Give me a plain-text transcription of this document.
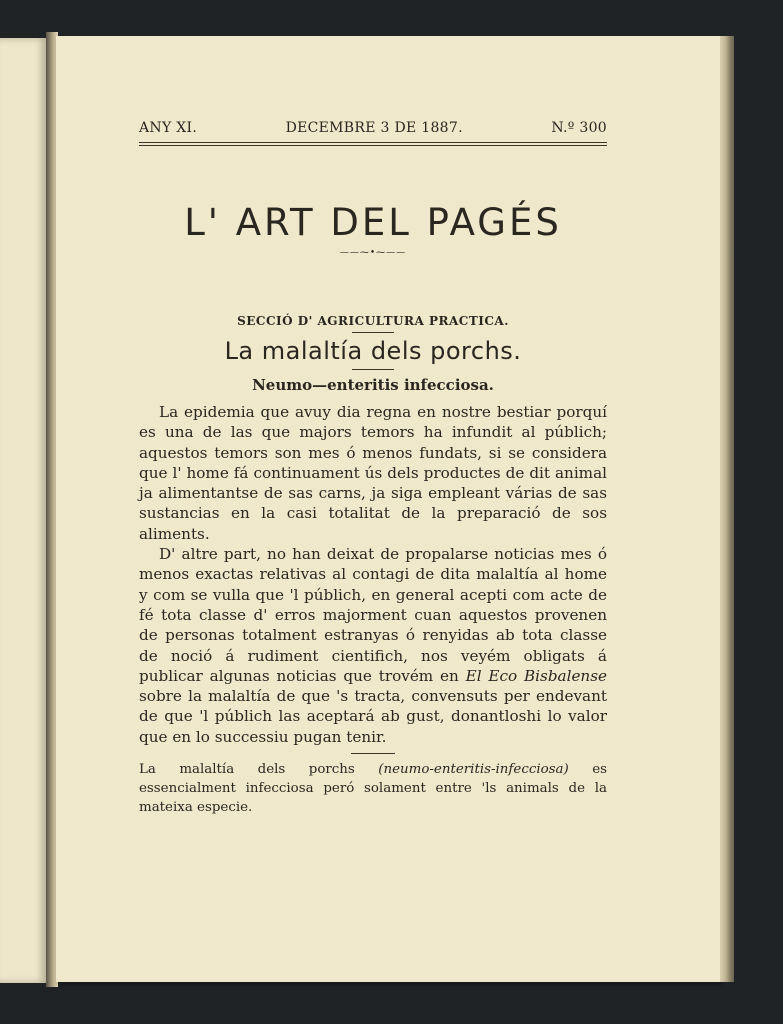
ANY XI.	DECEMBRE 3 DE 1887.	N.º 300
L' ART DEL PAGÉS
——⁓•⁓——
SECCIÓ D' AGRICULTURA PRACTICA.
La malaltía dels porchs.
Neumo—enteritis infecciosa.

La epidemia que avuy dia regna en nostre bestiar porquí es una de las que majors temors ha infundit al públich; aquestos temors son mes ó menos fundats, si se considera que l' home fá continuament ús dels productes de dit animal ja alimentantse de sas carns, ja siga empleant várias de sas sustancias en la casi totalitat de la preparació de sos aliments.

D' altre part, no han deixat de propalarse noticias mes ó menos exactas relativas al contagi de dita malaltía al home y com se vulla que 'l públich, en general acepti com acte de fé tota classe d' erros majorment cuan aquestos provenen de personas totalment estranyas ó renyidas ab tota classe de noció á rudiment cientifich, nos veyém obligats á publicar algunas noticias que trovém en El Eco Bisbalense sobre la malaltía de que 's tracta, convensuts per endevant de que 'l públich las aceptará ab gust, donantloshi lo valor que en lo successiu pugan tenir.

La malaltía dels porchs (neumo-enteritis-infecciosa) es essencialment infecciosa peró solament entre 'ls animals de la mateixa especie.
